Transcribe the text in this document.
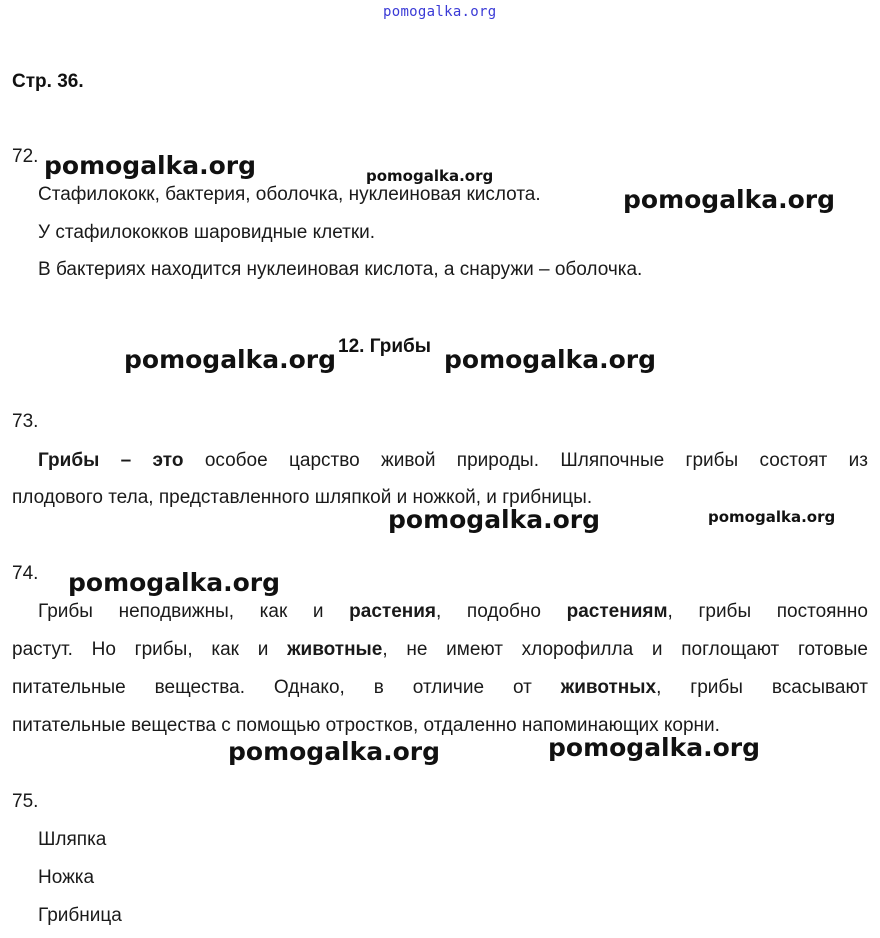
pomogalka.org
Стр. 36.
72. pomogalka.org	pomogalka.org
Стафилококк, бактерия, оболочка, нуклеиновая кислота.	pomogalka.org
У стафилококков шаровидные клетки.
В бактериях находится нуклеиновая кислота, а снаружи – оболочка.
pomogalka.org 12. Грибы pomogalka.org
73.
Грибы – это особое царство живой природы. Шляпочные грибы состоят из
плодового тела, представленного шляпкой и ножкой, и грибницы.
pomogalka.org	pomogalka.org
74. pomogalka.org
Грибы неподвижны, как и растения, подобно растениям, грибы постоянно
растут. Но грибы, как и животные, не имеют хлорофилла и поглощают готовые
питательные вещества. Однако, в отличие от животных, грибы всасывают
питательные вещества с помощью отростков, отдаленно напоминающих корни.
pomogalka.org	pomogalka.org
75.
Шляпка
Ножка
Грибница
